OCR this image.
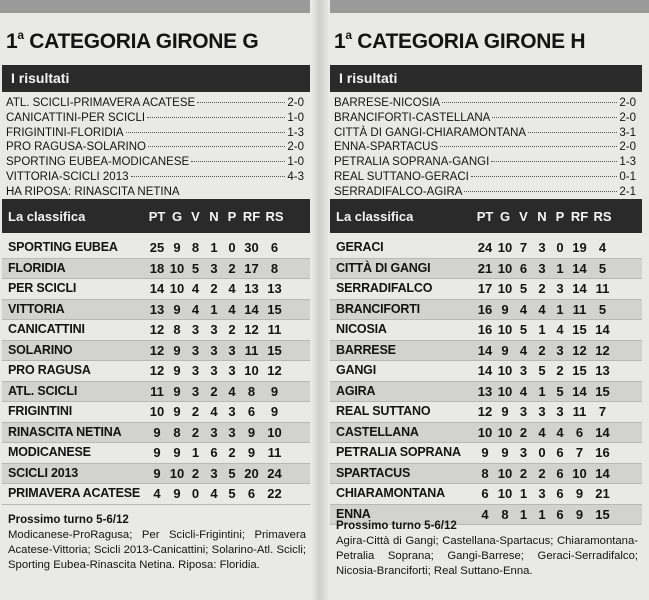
1$^a$ CATEGORIA GIRONE G
I risultati
ATL. SCICLI-PRIMAVERA ACATESE	2-0
CANICATTINI-PER SCICLI	1-0
FRIGINTINI-FLORIDIA	1-3
PRO RAGUSA-SOLARINO	2-0
SPORTING EUBEA-MODICANESE	1-0
VITTORIA-SCICLI 2013	4-3
HA RIPOSA: RINASCITA NETINA
La classifica	PT G V N P RF RS
SPORTING EUBEA	25 9 8 1 0 30 6
FLORIDIA	18 10 5 3 2 17 8
PER SCICLI	14 10 4 2 4 13 13
VITTORIA	13 9 4 1 4 14 15
CANICATTINI	12 8 3 3 2 12 11
SOLARINO	12 9 3 3 3 11 15
PRO RAGUSA	12 9 3 3 3 10 12
ATL. SCICLI	11 9 3 2 4 8	9
FRIGINTINI	10 9 2 4 3 6	9
RINASCITA NETINA	9 8 2 3 3 9 10
MODICANESE	9 9 1 6 2 9 11
SCICLI 2013	9 10 2 3 5 20 24
PRIMAVERA ACATESE	4 9 0 4 5 6 22
Prossimo turno 5-6/12
Modicanese-ProRagusa; Per Scicli-Frigintini; Primavera Acatese-Vittoria; Scicli 2013-Canicattini; Solarino-Atl. Scicli; Sporting Eubea-Rinascita Netina. Riposa: Floridia.
1$^a$ CATEGORIA GIRONE H
I risultati
BARRESE-NICOSIA	2-0
BRANCIFORTI-CASTELLANA	2-0
CITTÀ DI GANGI-CHIARAMONTANA	3-1
ENNA-SPARTACUS	2-0
PETRALIA SOPRANA-GANGI	1-3
REAL SUTTANO-GERACI	0-1
SERRADIFALCO-AGIRA	2-1
La classifica	PT G V N P RF RS
GERACI	24 10 7 3 0 19 4
CITTÀ DI GANGI	21 10 6 3 1 14 5
SERRADIFALCO	17 10 5 2 3 14 11
BRANCIFORTI	16 9 4 4 1 11 5
NICOSIA	16 10 5 1 4 15 14
BARRESE	14 9 4 2 3 12 12
GANGI	14 10 3 5 2 15 13
AGIRA	13 10 4 1 5 14 15
REAL SUTTANO	12 9 3 3 3 11 7
CASTELLANA	10 10 2 4 4 6 14
PETRALIA SOPRANA	9 9 3 0 6 7 16
SPARTACUS	8 10 2 2 6 10 14
CHIARAMONTANA	6 10 1 3 6 9 21
ENNA	4 8 1 1 6 9 15
Prossimo turno 5-6/12
Agira-Città di Gangi; Castellana-Spartacus; Chiaramontana-Petralia Soprana; Gangi-Barrese; Geraci-Serradifalco; Nicosia-Branciforti; Real Suttano-Enna.
